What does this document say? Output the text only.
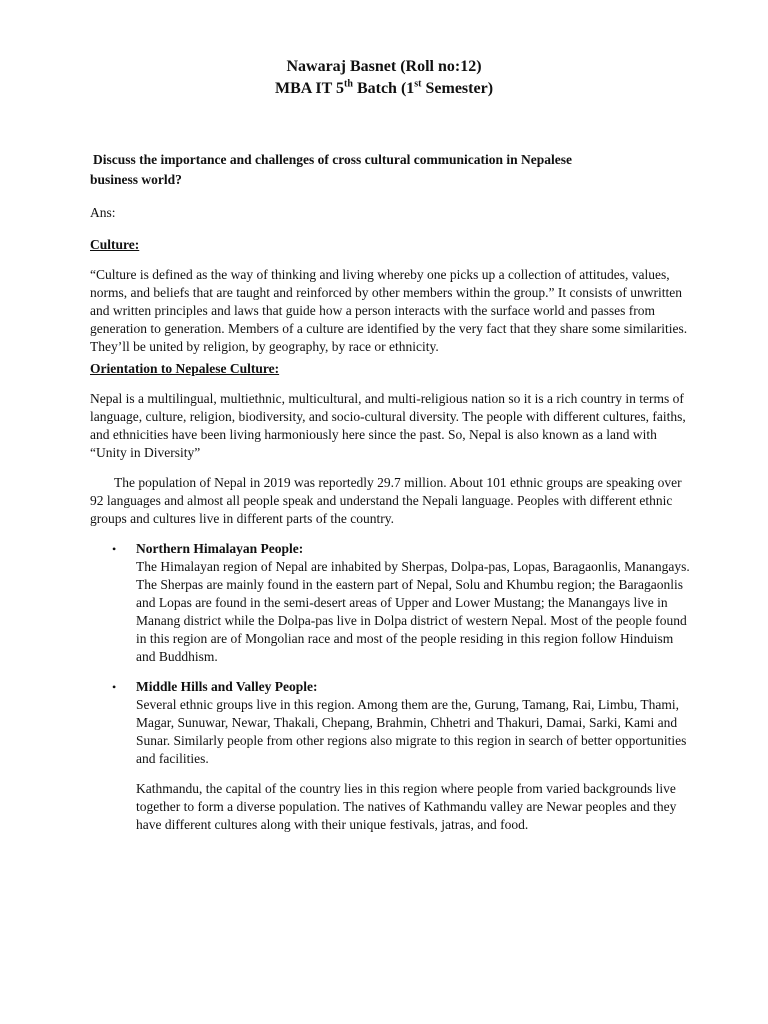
Nawaraj Basnet (Roll no:12)
MBA IT 5th Batch (1st Semester)
Discuss the importance and challenges of cross cultural communication in Nepalese
business world?

Ans:

Culture:

“Culture is defined as the way of thinking and living whereby one picks up a collection of attitudes, values, norms, and beliefs that are taught and reinforced by other members within the group.” It consists of unwritten and written principles and laws that guide how a person interacts with the surface world and passes from generation to generation. Members of a culture are identified by the very fact that they share some similarities. They’ll be united by religion, by geography, by race or ethnicity.

Orientation to Nepalese Culture:

Nepal is a multilingual, multiethnic, multicultural, and multi-religious nation so it is a rich country in terms of language, culture, religion, biodiversity, and socio-cultural diversity. The people with different cultures, faiths, and ethnicities have been living harmoniously here since the past. So, Nepal is also known as a land with “Unity in Diversity”

The population of Nepal in 2019 was reportedly 29.7 million. About 101 ethnic groups are speaking over 92 languages and almost all people speak and understand the Nepali language. Peoples with different ethnic groups and cultures live in different parts of the country.

• Northern Himalayan People:
The Himalayan region of Nepal are inhabited by Sherpas, Dolpa-pas, Lopas, Baragaonlis, Manangays. The Sherpas are mainly found in the eastern part of Nepal, Solu and Khumbu region; the Baragaonlis and Lopas are found in the semi-desert areas of Upper and Lower Mustang; the Manangays live in Manang district while the Dolpa-pas live in Dolpa district of western Nepal. Most of the people found in this region are of Mongolian race and most of the people residing in this region follow Hinduism and Buddhism.
• Middle Hills and Valley People:
Several ethnic groups live in this region. Among them are the, Gurung, Tamang, Rai, Limbu, Thami, Magar, Sunuwar, Newar, Thakali, Chepang, Brahmin, Chhetri and Thakuri, Damai, Sarki, Kami and Sunar. Similarly people from other regions also migrate to this region in search of better opportunities and facilities.
Kathmandu, the capital of the country lies in this region where people from varied backgrounds live together to form a diverse population. The natives of Kathmandu valley are Newar peoples and they have different cultures along with their unique festivals, jatras, and food.
